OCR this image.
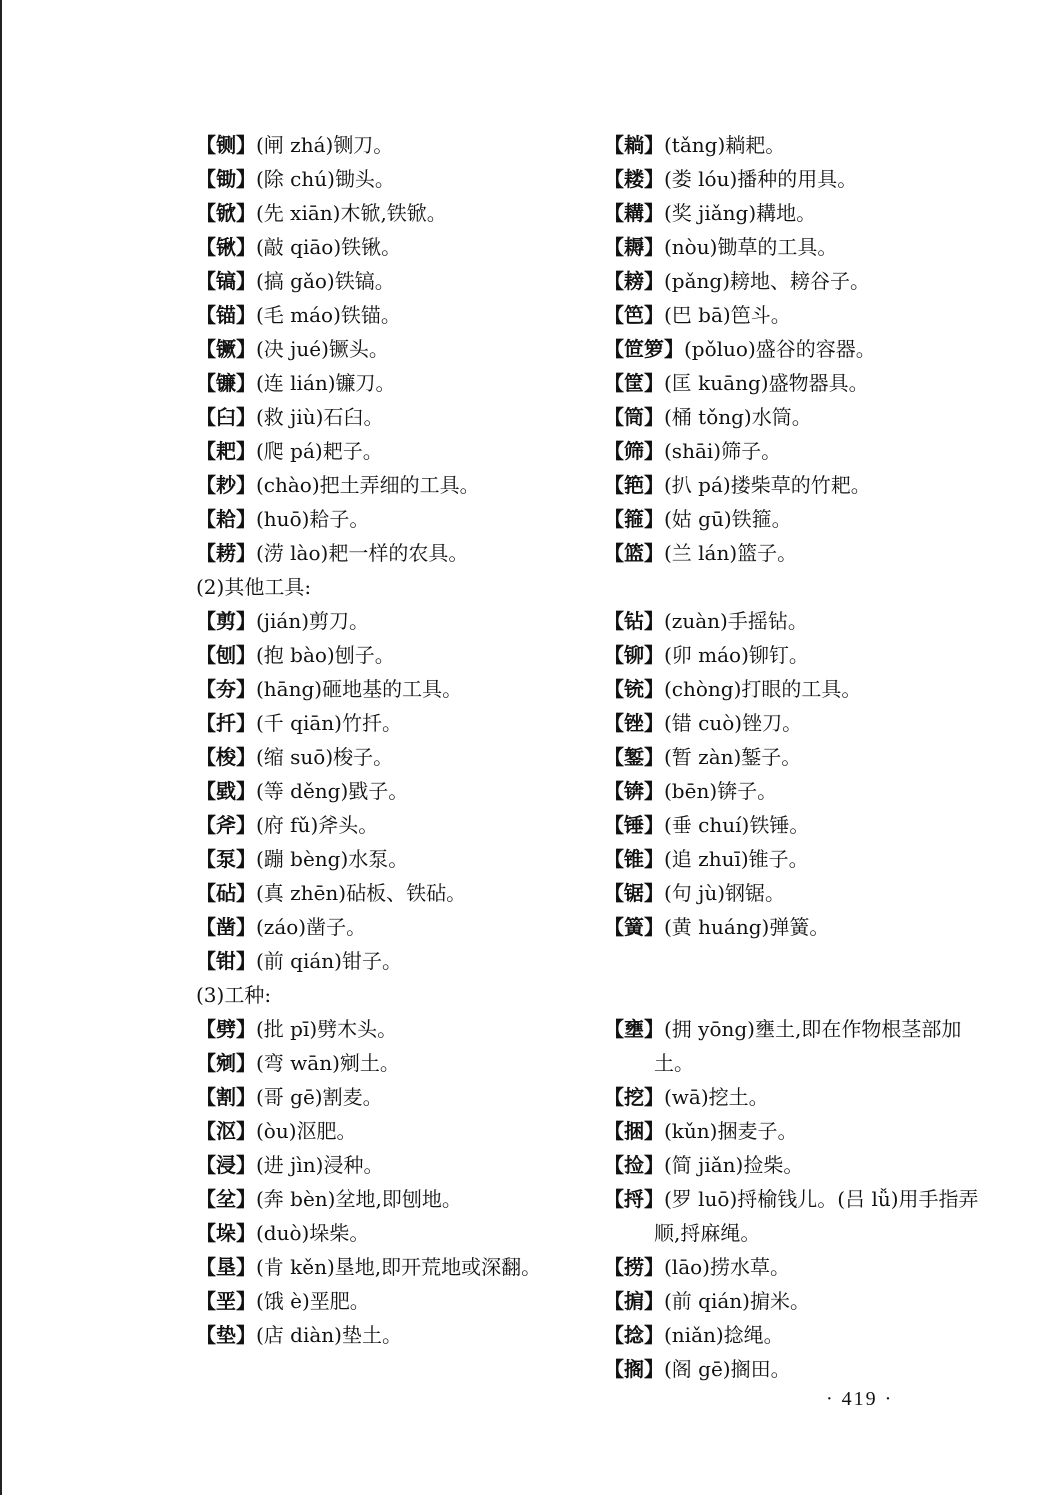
【铡】(闸 zhá)铡刀。
【锄】(除 chú)锄头。
【锨】(先 xiān)木锨,铁锨。
【锹】(敲 qiāo)铁锹。
【镐】(搞 gǎo)铁镐。
【锚】(毛 máo)铁锚。
【镢】(决 jué)镢头。
【镰】(连 lián)镰刀。
【臼】(救 jiù)石臼。
【耙】(爬 pá)耙子。
【耖】(chào)把土弄细的工具。
【耠】(huō)耠子。
【耢】(涝 lào)耙一样的农具。
(2)其他工具:
【剪】(jián)剪刀。
【刨】(抱 bào)刨子。
【夯】(hāng)砸地基的工具。
【扦】(千 qiān)竹扦。
【梭】(缩 suō)梭子。
【戥】(等 děng)戥子。
【斧】(府 fǔ)斧头。
【泵】(蹦 bèng)水泵。
【砧】(真 zhēn)砧板、铁砧。
【凿】(záo)凿子。
【钳】(前 qián)钳子。
(3)工种:
【劈】(批 pī)劈木头。
【剜】(弯 wān)剜土。
【割】(哥 gē)割麦。
【沤】(òu)沤肥。
【浸】(进 jìn)浸种。
【坌】(奔 bèn)坌地,即刨地。
【垛】(duò)垛柴。
【垦】(肯 kěn)垦地,即开荒地或深翻。
【垩】(饿 è)垩肥。
【垫】(店 diàn)垫土。
【耥】(tǎng)耥耙。
【耧】(娄 lóu)播种的用具。
【耩】(奖 jiǎng)耩地。
【耨】(nòu)锄草的工具。
【耪】(pǎng)耪地、耪谷子。
【笆】(巴 bā)笆斗。
【笸箩】(pǒluo)盛谷的容器。
【筐】(匡 kuāng)盛物器具。
【筒】(桶 tǒng)水筒。
【筛】(shāi)筛子。
【筢】(扒 pá)搂柴草的竹耙。
【箍】(姑 gū)铁箍。
【篮】(兰 lán)篮子。
【钻】(zuàn)手摇钻。
【铆】(卯 máo)铆钉。
【铳】(chòng)打眼的工具。
【锉】(错 cuò)锉刀。
【錾】(暂 zàn)錾子。
【锛】(bēn)锛子。
【锤】(垂 chuí)铁锤。
【锥】(追 zhuī)锥子。
【锯】(句 jù)钢锯。
【簧】(黄 huáng)弹簧。
【壅】(拥 yōng)壅土,即在作物根茎部加土。
【挖】(wā)挖土。
【捆】(kǔn)捆麦子。
【捡】(简 jiǎn)捡柴。
【捋】(罗 luō)捋榆钱儿。(吕 lǚ)用手指弄顺,捋麻绳。
【捞】(lāo)捞水草。
【掮】(前 qián)掮米。
【捻】(niǎn)捻绳。
【搁】(阁 gē)搁田。
· 419 ·
